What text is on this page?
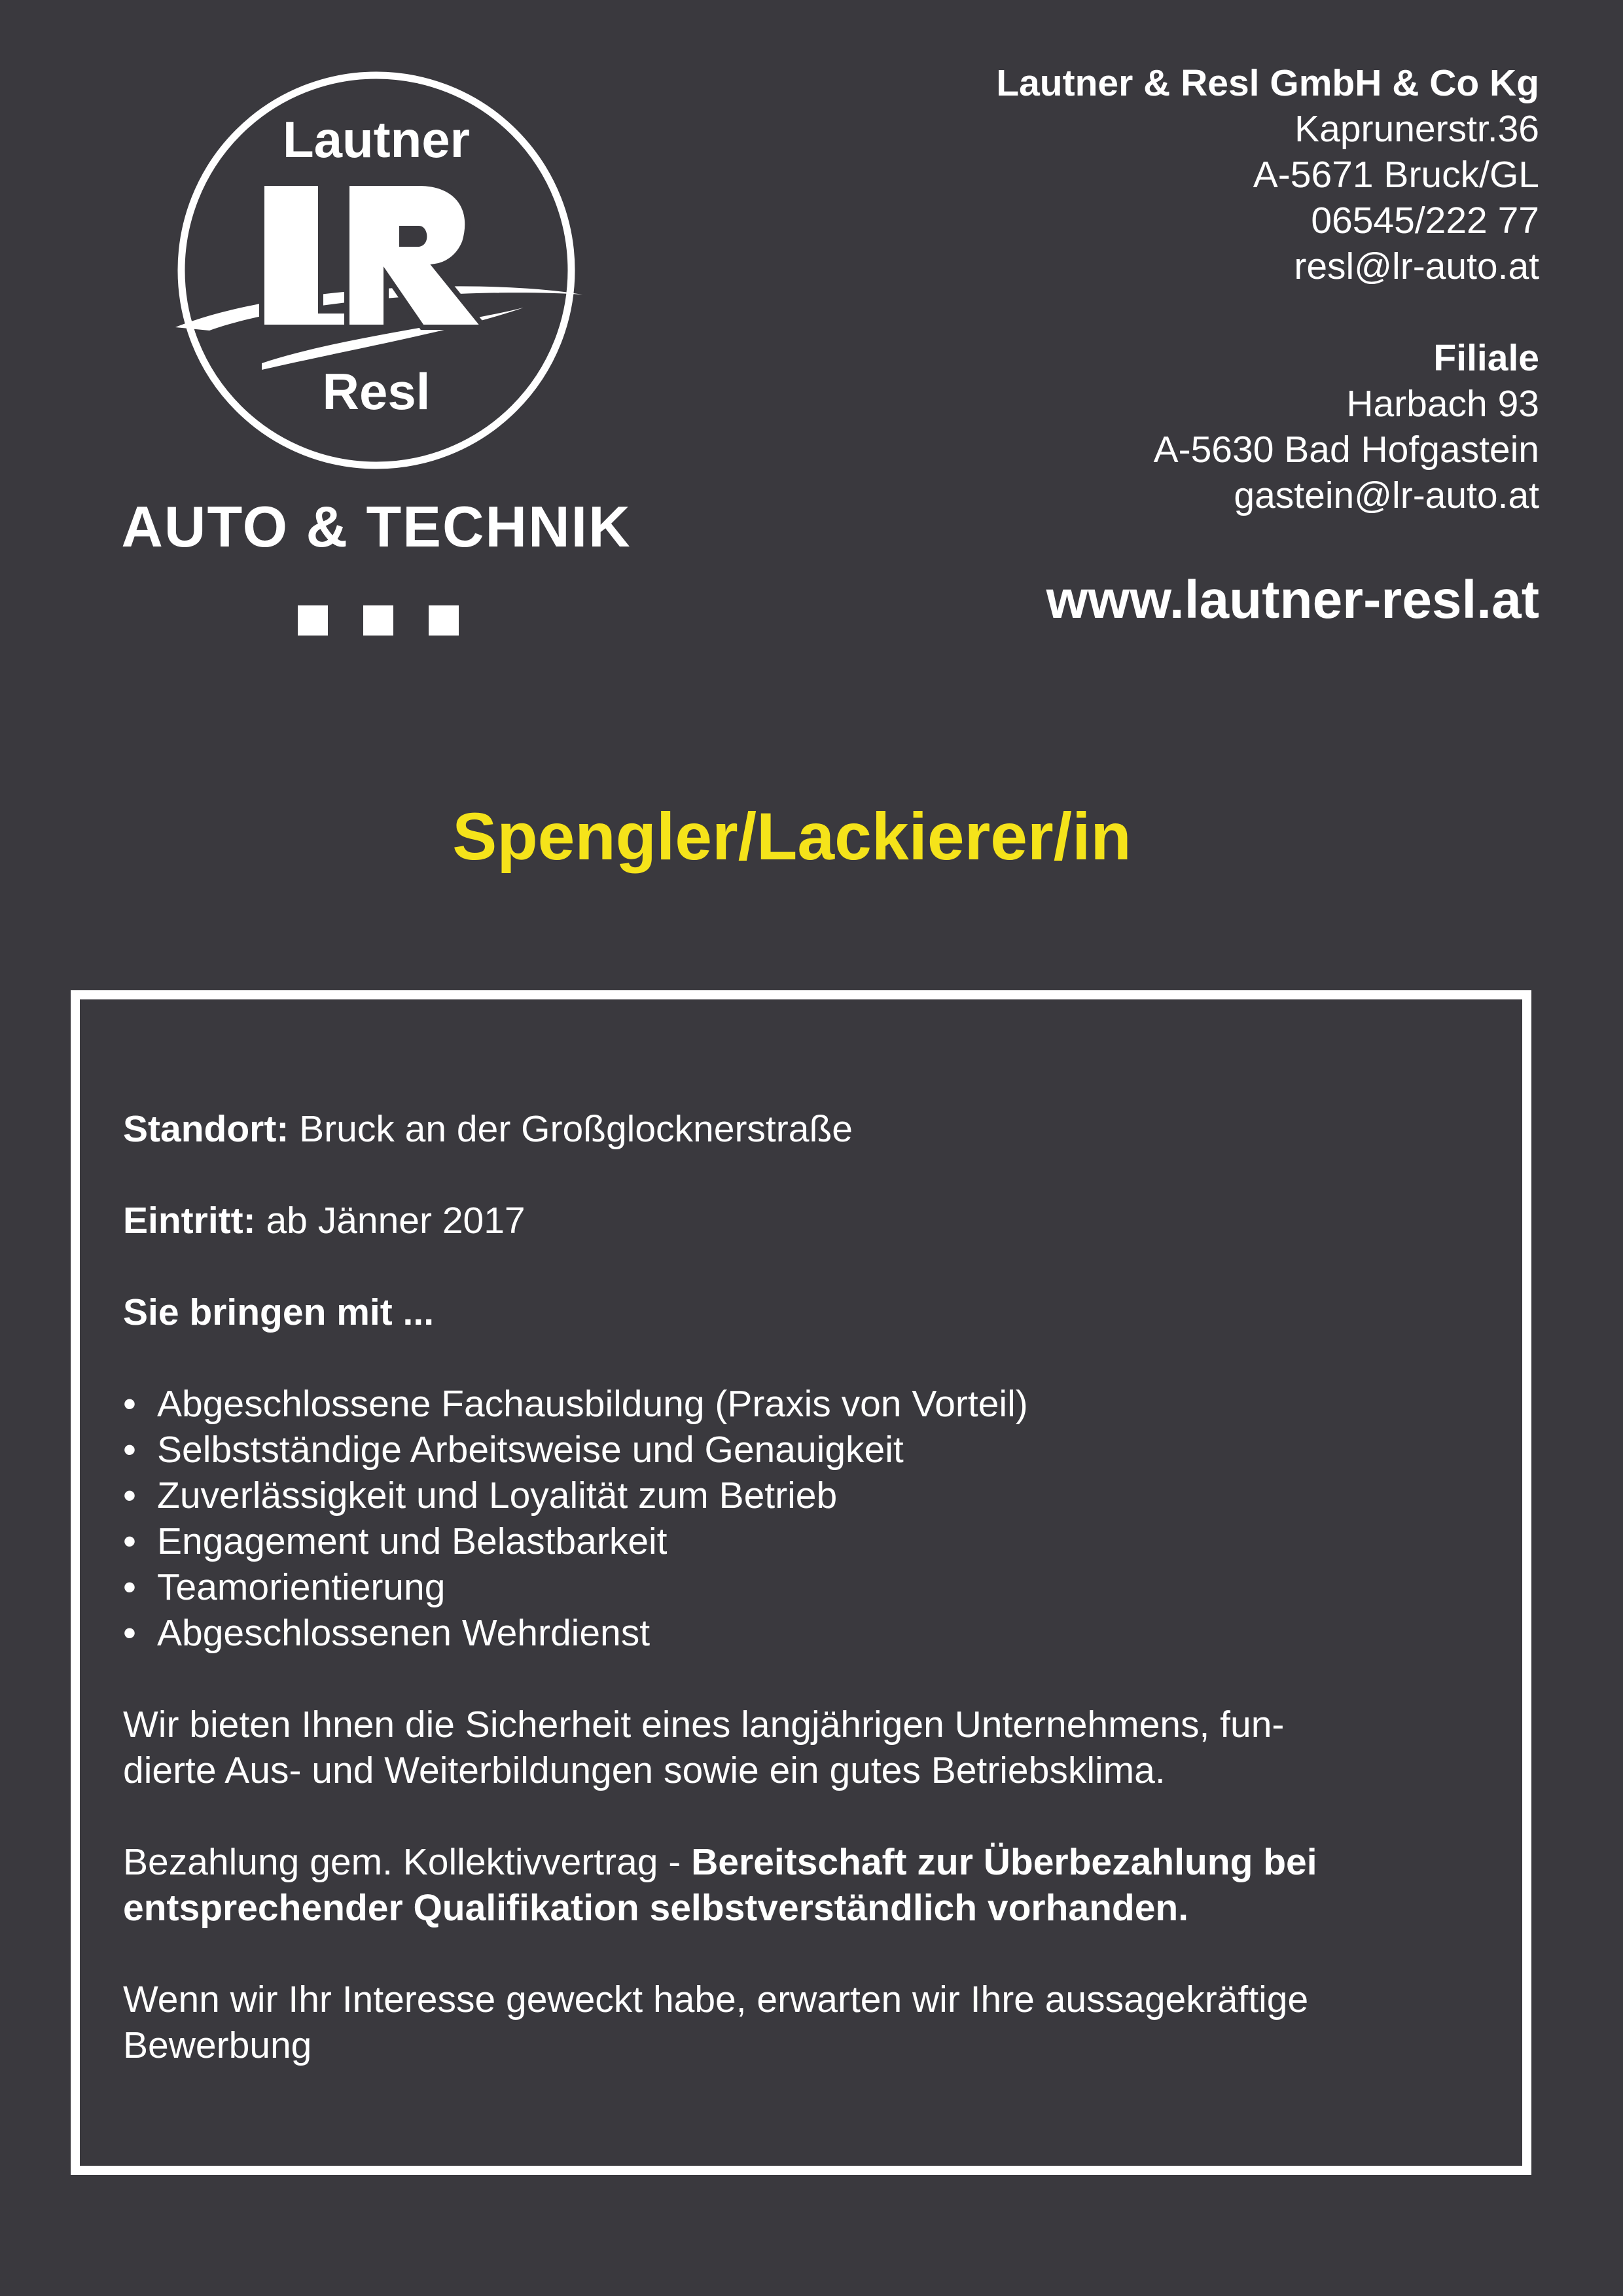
Lautner
Resl
AUTO & TECHNIK
Lautner & Resl GmbH & Co Kg
Kaprunerstr.36
A-5671 Bruck/GL
06545/222 77
resl@lr-auto.at
Filiale
Harbach 93
A-5630 Bad Hofgastein
gastein@lr-auto.at
www.lautner-resl.at
Spengler/Lackierer/in

Standort: Bruck an der Großglocknerstraße

Eintritt: ab Jänner 2017

Sie bringen mit ...

• Abgeschlossene Fachausbildung (Praxis von Vorteil)
• Selbstständige Arbeitsweise und Genauigkeit
• Zuverlässigkeit und Loyalität zum Betrieb
• Engagement und Belastbarkeit
• Teamorientierung
• Abgeschlossenen Wehrdienst

Wir bieten Ihnen die Sicherheit eines langjährigen Unternehmens, fun-
dierte Aus- und Weiterbildungen sowie ein gutes Betriebsklima.

Bezahlung gem. Kollektivvertrag - Bereitschaft zur Überbezahlung bei
entsprechender Qualifikation selbstverständlich vorhanden.

Wenn wir Ihr Interesse geweckt habe, erwarten wir Ihre aussagekräftige
Bewerbung
